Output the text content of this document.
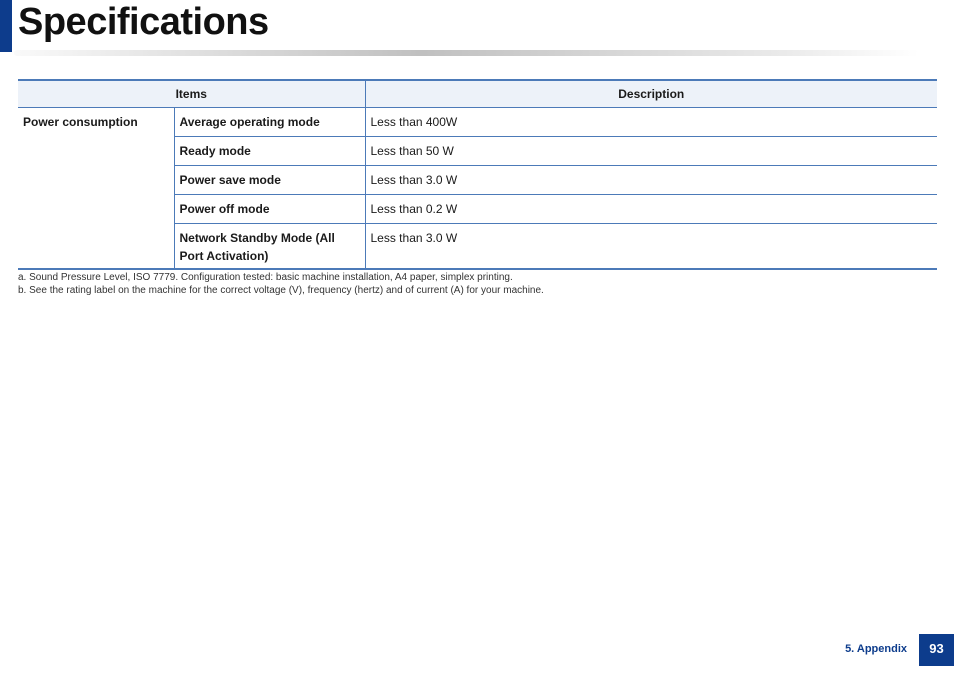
Specifications
Items		Description
Power consumption	Average operating mode	Less than 400W
	Ready mode	Less than 50 W
	Power save mode	Less than 3.0 W
	Power off mode	Less than 0.2 W
	Network Standby Mode (All Port Activation)	Less than 3.0 W

a. Sound Pressure Level, ISO 7779. Configuration tested: basic machine installation, A4 paper, simplex printing.

b. See the rating label on the machine for the correct voltage (V), frequency (hertz) and of current (A) for your machine.

5. Appendix	93
